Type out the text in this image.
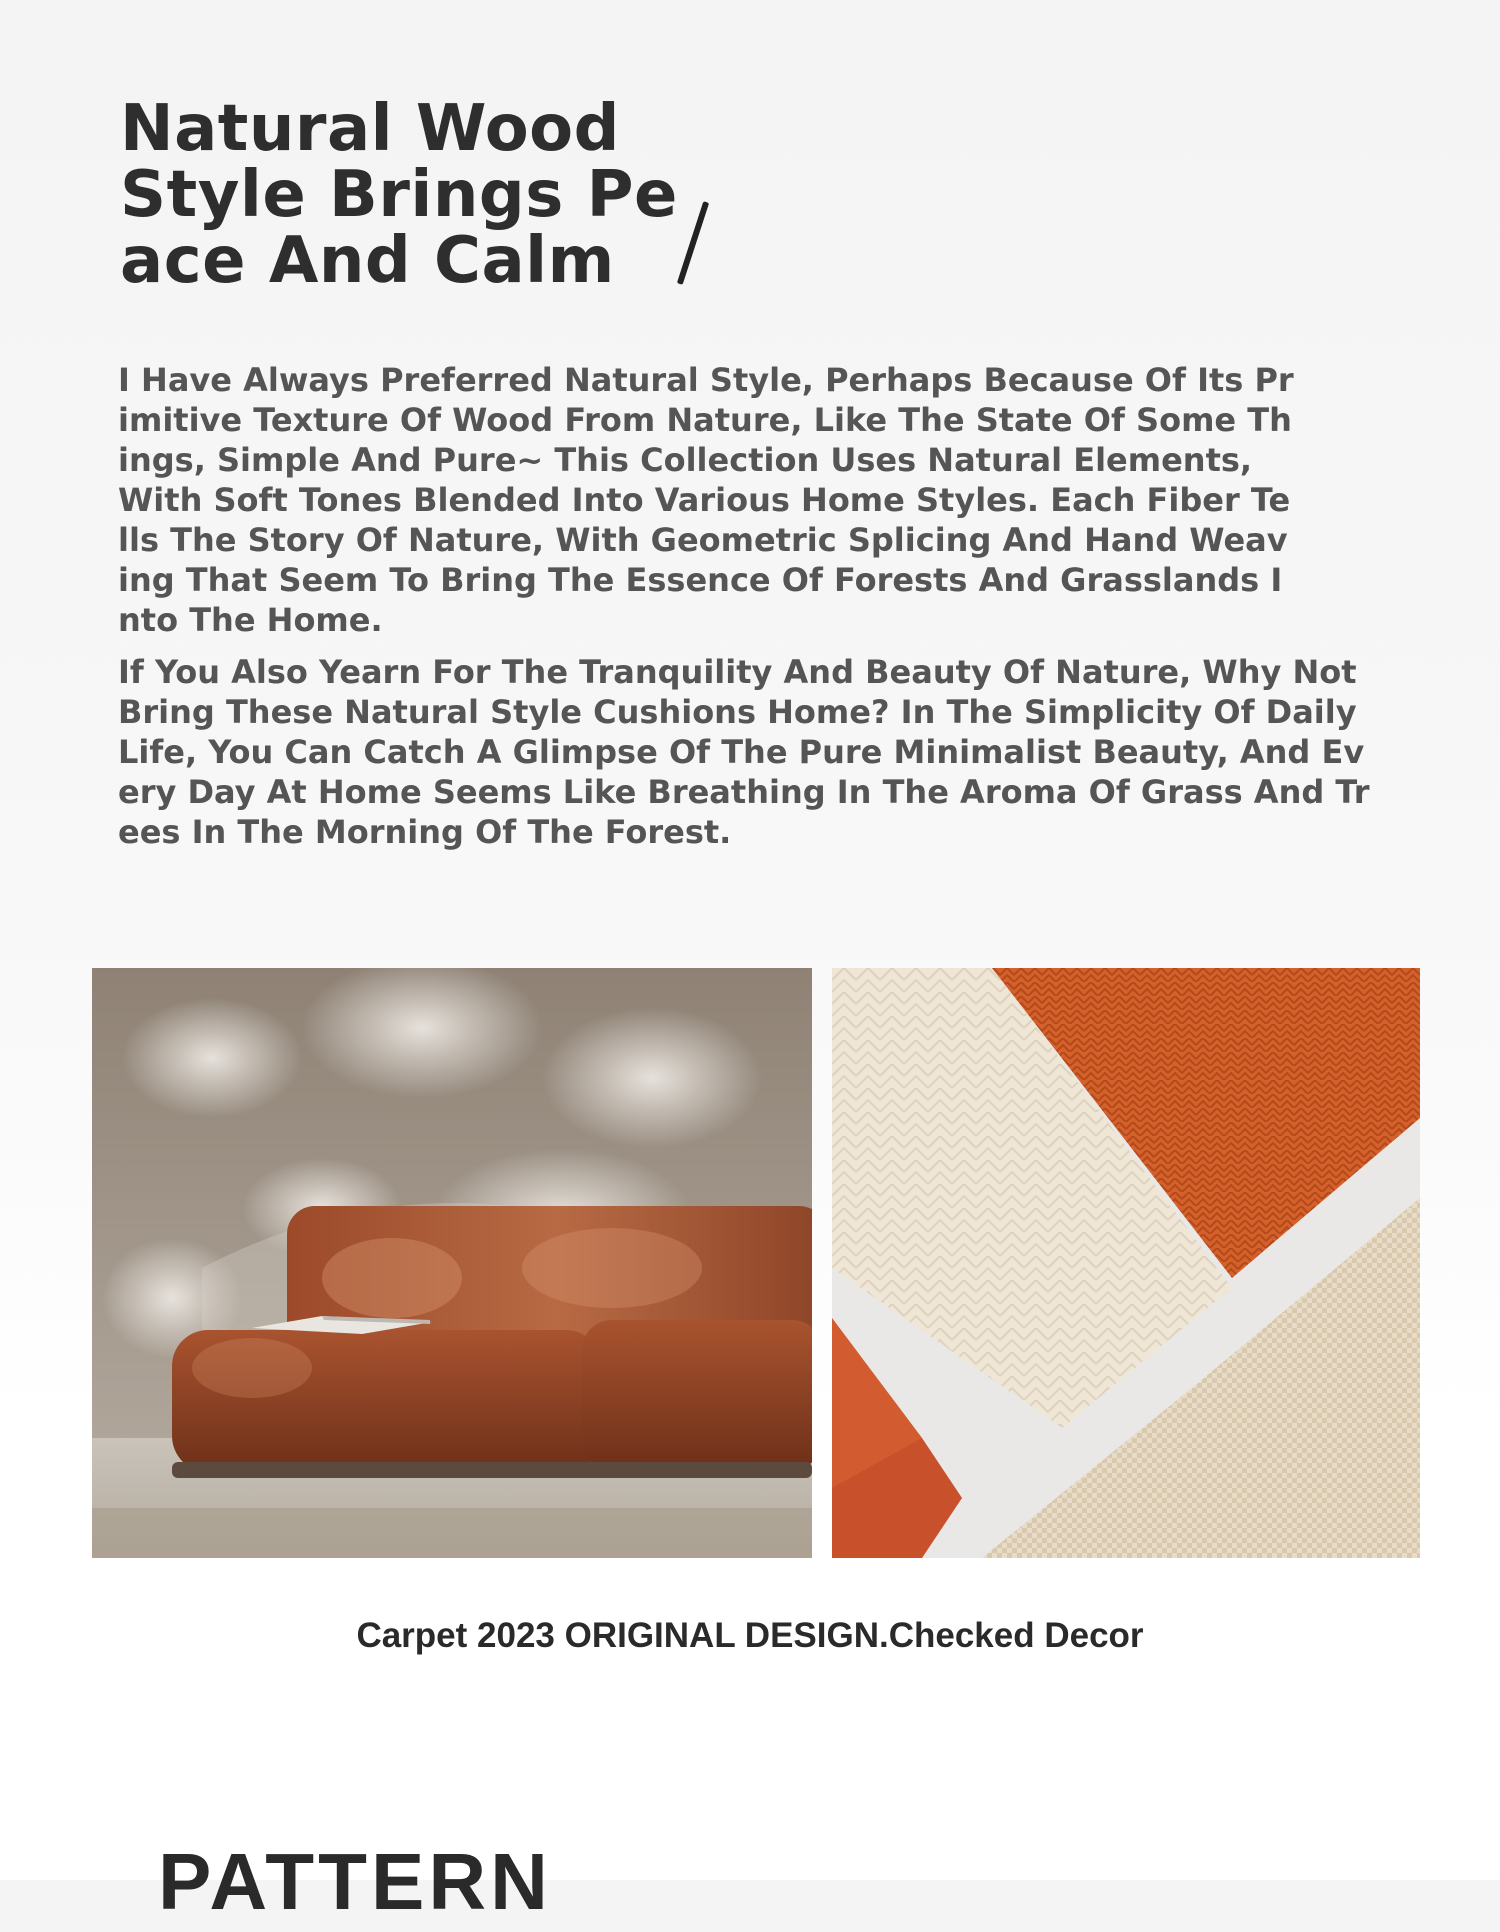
Natural Wood Style Brings Peace And Calm

I Have Always Preferred Natural Style, Perhaps Because Of Its Primitive Texture Of Wood From Nature, Like The State Of Some Things, Simple And Pure~ This Collection Uses Natural Elements, With Soft Tones Blended Into Various Home Styles. Each Fiber Tells The Story Of Nature, With Geometric Splicing And Hand Weaving That Seem To Bring The Essence Of Forests And Grasslands Into The Home.

If You Also Yearn For The Tranquility And Beauty Of Nature, Why Not Bring These Natural Style Cushions Home? In The Simplicity Of Daily Life, You Can Catch A Glimpse Of The Pure Minimalist Beauty, And Every Day At Home Seems Like Breathing In The Aroma Of Grass And Trees In The Morning Of The Forest.

Carpet 2023 ORIGINAL DESIGN.Checked Decor

PATTERN
